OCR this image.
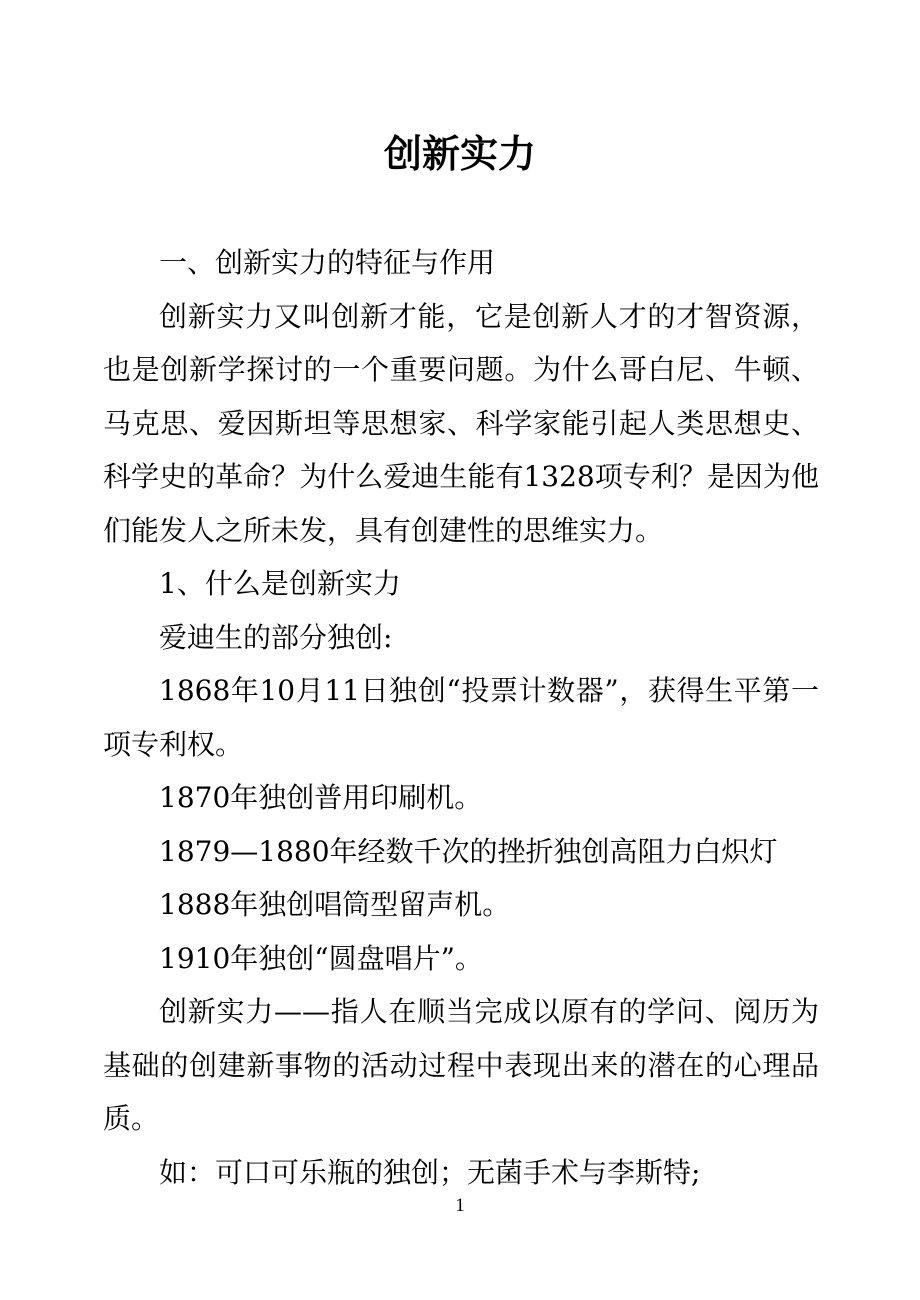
创新实力

一、创新实力的特征与作用

创新实力又叫创新才能，它是创新人才的才智资源，也是创新学探讨的一个重要问题。为什么哥白尼、牛顿、马克思、爱因斯坦等思想家、科学家能引起人类思想史、科学史的革命？为什么爱迪生能有1328项专利？是因为他们能发人之所未发，具有创建性的思维实力。

1、什么是创新实力

爱迪生的部分独创:

1868年10月11日独创“投票计数器”，获得生平第一项专利权。

1870年独创普用印刷机。

1879—1880年经数千次的挫折独创高阻力白炽灯

1888年独创唱筒型留声机。

1910年独创“圆盘唱片”。

创新实力——指人在顺当完成以原有的学问、阅历为基础的创建新事物的活动过程中表现出来的潜在的心理品质。

如：可口可乐瓶的独创；无菌手术与李斯特;

1
